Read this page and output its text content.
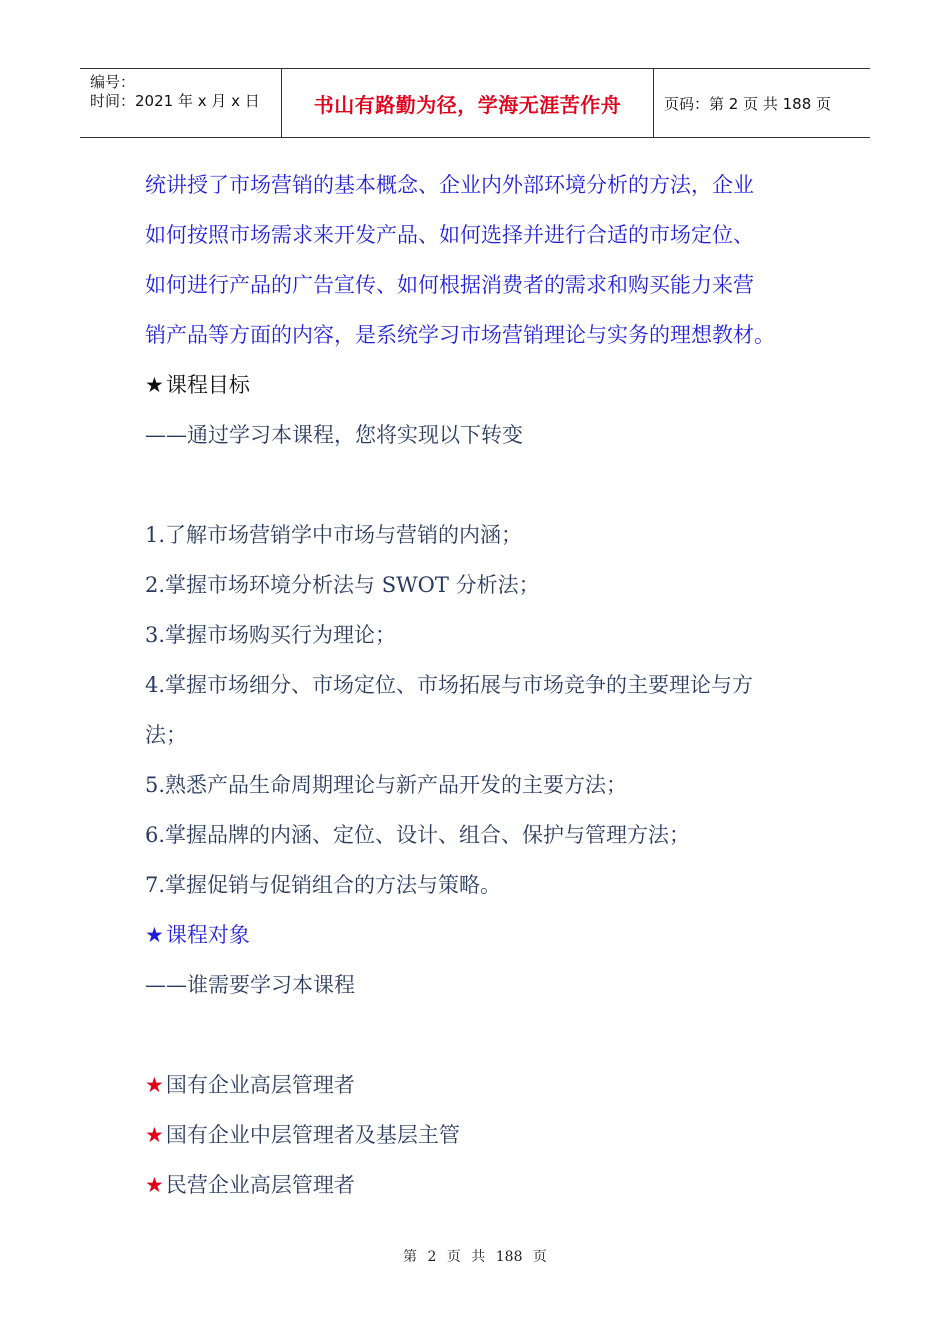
编号：
时间：2021 年 x 月 x 日	书山有路勤为径，学海无涯苦作舟	页码：第 2 页 共 188 页
统讲授了市场营销的基本概念、企业内外部环境分析的方法，企业
如何按照市场需求来开发产品、如何选择并进行合适的市场定位、
如何进行产品的广告宣传、如何根据消费者的需求和购买能力来营
销产品等方面的内容，是系统学习市场营销理论与实务的理想教材。
★课程目标
——通过学习本课程，您将实现以下转变
1.了解市场营销学中市场与营销的内涵；
2.掌握市场环境分析法与 SWOT 分析法；
3.掌握市场购买行为理论；
4.掌握市场细分、市场定位、市场拓展与市场竞争的主要理论与方
法；
5.熟悉产品生命周期理论与新产品开发的主要方法；
6.掌握品牌的内涵、定位、设计、组合、保护与管理方法；
7.掌握促销与促销组合的方法与策略。
★课程对象
——谁需要学习本课程
★国有企业高层管理者
★国有企业中层管理者及基层主管
★民营企业高层管理者
第 2 页 共 188 页
